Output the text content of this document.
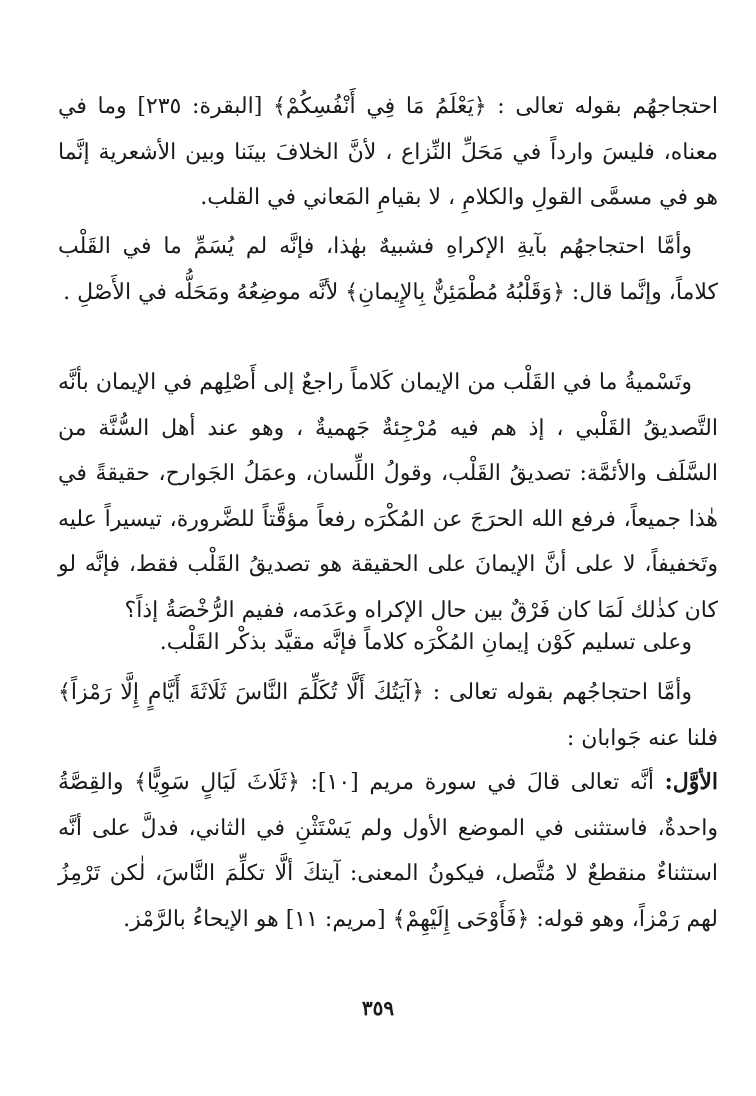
احتجاجهُم بقوله تعالى : ﴿يَعْلَمُ مَا فِي أَنْفُسِكُمْ﴾ [البقرة: ٢٣٥] وما في معناه، فليسَ وارداً في مَحَلِّ النِّزاع ، لأنَّ الخلافَ بينَنا وبين الأشعرية إنَّما هو في مسمَّى القولِ والكلامِ ، لا بقيامِ المَعاني في القلب.

وأمَّا احتجاجهُم بآيةِ الإكراهِ فشبيهٌ بهٰذا، فإنَّه لم يُسَمِّ ما في القَلْب كلاماً، وإنَّما قال: ﴿وَقَلْبُهُ مُطْمَئِنٌّ بِالإِيمانِ﴾ لأنَّه موضِعُهُ ومَحَلُّه في الأَصْلِ .

وتَسْميةُ ما في القَلْب من الإيمان كَلاماً راجعٌ إلى أَصْلِهم في الإيمان بأنَّه التَّصديقُ القَلْبي ، إذ هم فيه مُرْجِئةٌ جَهميةٌ ، وهو عند أهل السُّنَّة من السَّلَف والأئمَّة: تصديقُ القَلْب، وقولُ اللِّسان، وعمَلُ الجَوارح، حقيقةً في هٰذا جميعاً، فرفع الله الحرَجَ عن المُكْرَه رفعاً مؤقَّتاً للضَّرورة، تيسيراً عليه وتَخفيفاً، لا على أنَّ الإيمانَ على الحقيقة هو تصديقُ القَلْب فقط، فإنَّه لو كان كذٰلك لَمَا كان فَرْقٌ بين حال الإكراه وعَدَمه، ففيم الرُّخْصَةُ إذاً؟

وعلى تسليم كَوْن إيمانِ المُكْرَه كلاماً فإنَّه مقيَّد بذكْر القَلْب.

وأمَّا احتجاجُهم بقوله تعالى : ﴿آيَتُكَ أَلَّا تُكَلِّمَ النَّاسَ ثَلَاثَةَ أَيَّامٍ إِلَّا رَمْزاً﴾ فلنا عنه جَوابان :

الأوَّل: أنَّه تعالى قالَ في سورة مريم [١٠]: ﴿ثَلَاثَ لَيَالٍ سَوِيًّا﴾ والقِصَّةُ واحدةٌ، فاستثنى في الموضع الأول ولم يَسْتَثْنِ في الثاني، فدلَّ على أنَّه استثناءٌ منقطعٌ لا مُتَّصل، فيكونُ المعنى: آيتكَ ألَّا تكلِّمَ النَّاسَ، لٰكن تَرْمِزُ لهم رَمْزاً، وهو قوله: ﴿فَأَوْحَى إِلَيْهِمْ﴾ [مريم: ١١] هو الإيحاءُ بالرَّمْز.

٣٥٩
